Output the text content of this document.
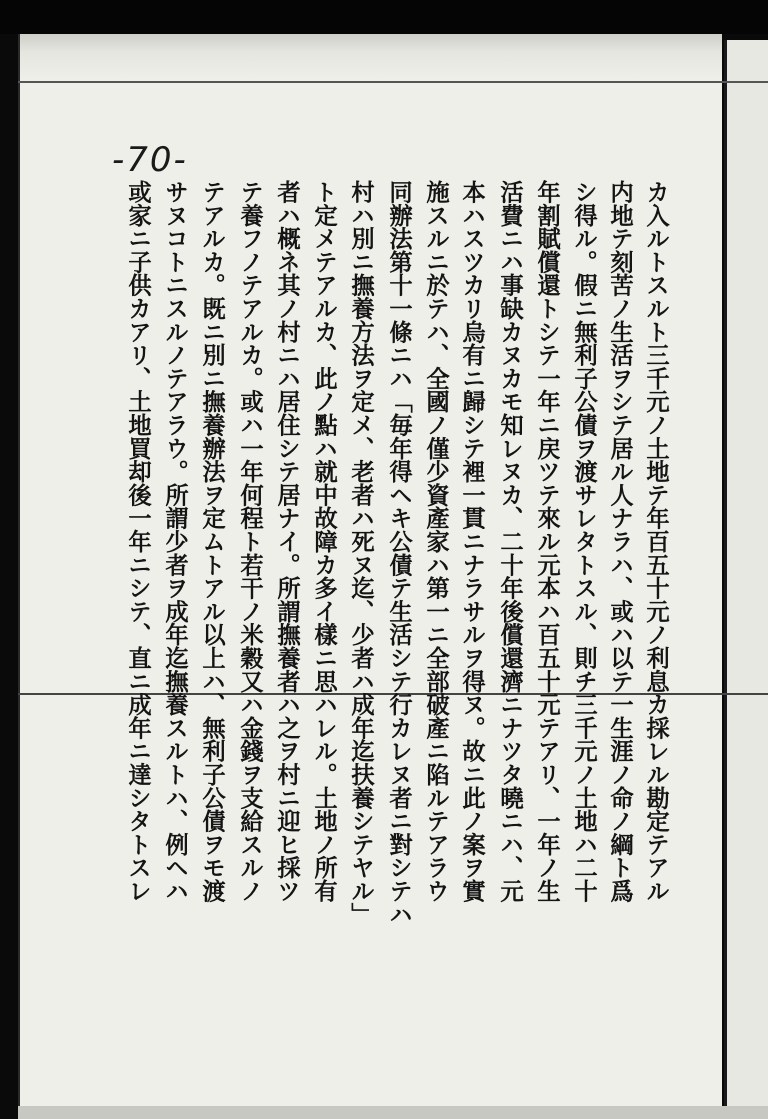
-70-
カ入ルトスルト三千元ノ土地テ年百五十元ノ利息カ採レル勘定テアル
内地テ刻苦ノ生活ヲシテ居ル人ナラハ、或ハ以テ一生涯ノ命ノ綱ト爲
シ得ル。假ニ無利子公債ヲ渡サレタトスル、則チ三千元ノ土地ハ二十
年割賦償還トシテ一年ニ戻ツテ來ル元本ハ百五十元テアリ、一年ノ生
活費ニハ事缺カヌカモ知レヌカ、二十年後償還濟ニナツタ曉ニハ、元
本ハスツカリ烏有ニ歸シテ裡一貫ニナラサルヲ得ヌ。故ニ此ノ案ヲ實
施スルニ於テハ、全國ノ僅少資產家ハ第一ニ全部破產ニ陷ルテアラウ
同辦法第十一條ニハ「毎年得ヘキ公債テ生活シテ行カレヌ者ニ對シテハ
村ハ別ニ撫養方法ヲ定メ、老者ハ死ヌ迄、少者ハ成年迄扶養シテヤル」
ト定メテアルカ、此ノ點ハ就中故障カ多イ樣ニ思ハレル。土地ノ所有
者ハ概ネ其ノ村ニハ居住シテ居ナイ。所謂撫養者ハ之ヲ村ニ迎ヒ採ツ
テ養フノテアルカ。或ハ一年何程ト若干ノ米穀又ハ金錢ヲ支給スルノ
テアルカ。既ニ別ニ撫養辦法ヲ定ムトアル以上ハ、無利子公債ヲモ渡
サヌコトニスルノテアラウ。所謂少者ヲ成年迄撫養スルトハ、例ヘハ
或家ニ子供カアリ、土地買却後一年ニシテ、直ニ成年ニ達シタトスレ
